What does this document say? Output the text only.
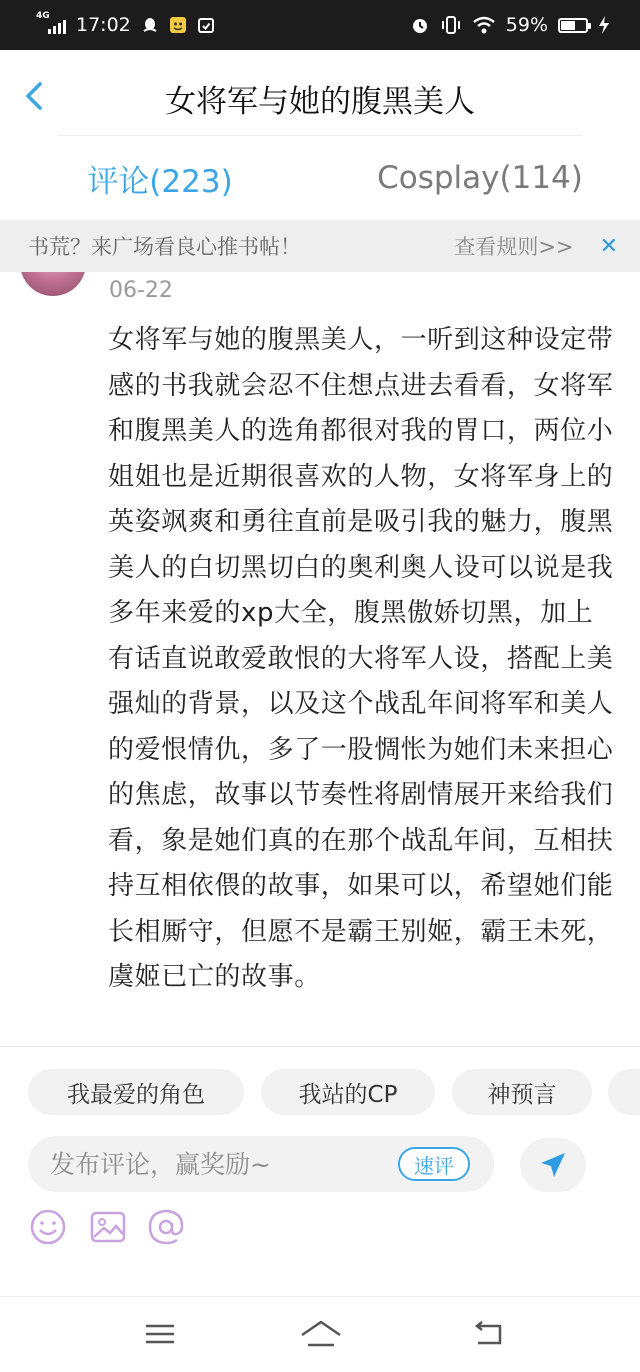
4G 17:02	59%
女将军与她的腹黑美人
评论(223)	Cosplay(114)
书荒？来广场看良心推书帖！	查看规则>> ✕
06-22
女将军与她的腹黑美人，一听到这种设定带感的书我就会忍不住想点进去看看，女将军和腹黑美人的选角都很对我的胃口，两位小姐姐也是近期很喜欢的人物，女将军身上的英姿飒爽和勇往直前是吸引我的魅力，腹黑美人的白切黑切白的奥利奥人设可以说是我多年来爱的xp大全，腹黑傲娇切黑，加上有话直说敢爱敢恨的大将军人设，搭配上美强灿的背景，以及这个战乱年间将军和美人的爱恨情仇，多了一股惆怅为她们未来担心的焦虑，故事以节奏性将剧情展开来给我们看，象是她们真的在那个战乱年间，互相扶持互相依偎的故事，如果可以，希望她们能长相厮守，但愿不是霸王别姬，霸王未死，虞姬已亡的故事。
我最爱的角色	我站的CP	神预言
发布评论，赢奖励~
速评
